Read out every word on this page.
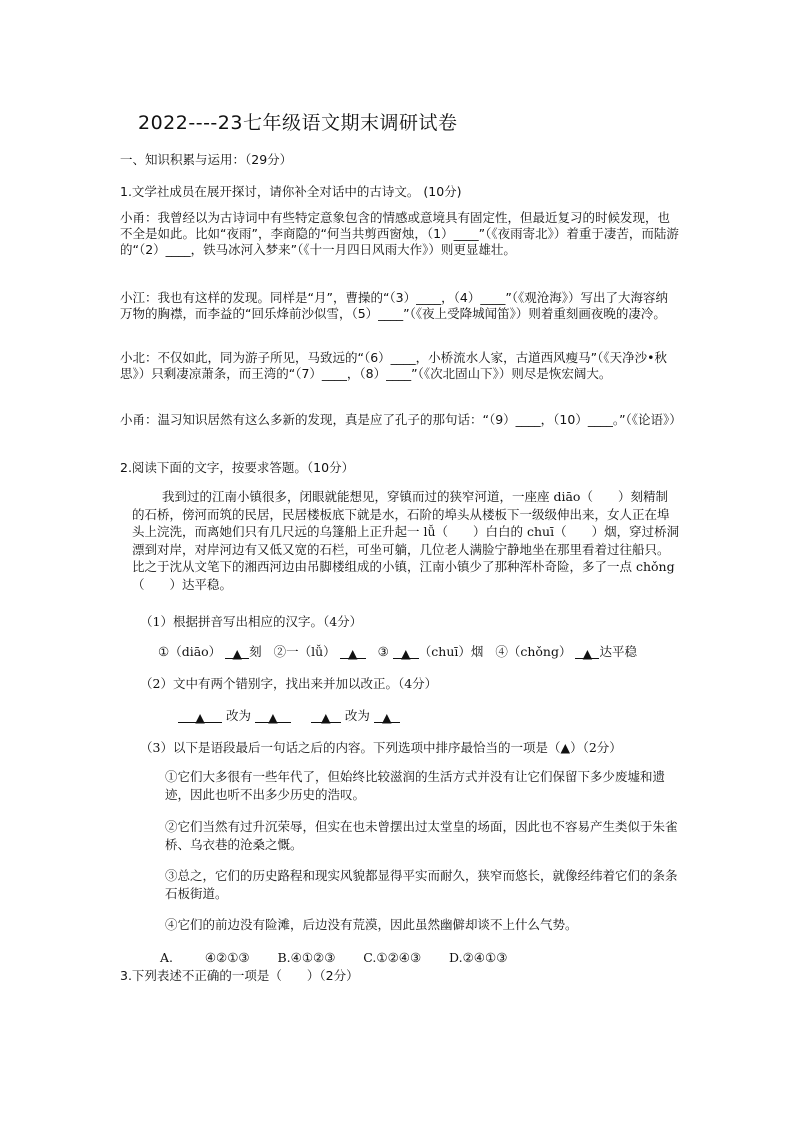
2022----23七年级语文期末调研试卷
一、知识积累与运用：（29分）
1.文学社成员在展开探讨，请你补全对话中的古诗文。 (10分)
小甬：我曾经以为古诗词中有些特定意象包含的情感或意境具有固定性，但最近复习的时候发现，也不全是如此。比如“夜雨”，李商隐的“何当共剪西窗烛，（1）____”（《夜雨寄北》）着重于凄苦，而陆游的“（2）____，铁马冰河入梦来”（《十一月四日风雨大作》）则更显雄壮。
小江：我也有这样的发现。同样是“月”，曹操的“（3）____，（4）____”（《观沧海》）写出了大海容纳万物的胸襟，而李益的“回乐烽前沙似雪，（5）____”（《夜上受降城闻笛》）则着重刻画夜晚的凄冷。
小北：不仅如此，同为游子所见，马致远的“（6）____，小桥流水人家，古道西风瘦马”（《天净沙•秋思》）只剩凄凉萧条，而王湾的“（7）____，（8）____”（《次北固山下》）则尽是恢宏阔大。
小甬：温习知识居然有这么多新的发现，真是应了孔子的那句话：“（9）____，（10）____。”（《论语》）
2.阅读下面的文字，按要求答题。（10分）
我到过的江南小镇很多，闭眼就能想见，穿镇而过的狭窄河道，一座座 diāo（　　）刻精制的石桥，傍河而筑的民居，民居楼板底下就是水，石阶的埠头从楼板下一级级伸出来，女人正在埠头上浣洗，而离她们只有几尺远的乌篷船上正升起一 lǚ（　　）白白的 chuī（　　）烟，穿过桥洞漂到对岸，对岸河边有又低又宽的石栏，可坐可躺，几位老人满脸宁静地坐在那里看着过往船只。比之于沈从文笔下的湘西河边由吊脚楼组成的小镇，江南小镇少了那种浑朴奇险，多了一点 chǒng（　　）达平稳。
（1）根据拼音写出相应的汉字。（4分）
①（diāo） ▲ 刻 ②一（lǚ） ▲ ③ ▲ （chuī）烟 ④（chǒng） ▲ 达平稳
（2）文中有两个错别字，找出来并加以改正。（4分）
▲ 改为 ▲	▲ 改为 ▲
（3）以下是语段最后一句话之后的内容。下列选项中排序最恰当的一项是（▲）（2分）
①它们大多很有一些年代了，但始终比较滋润的生活方式并没有让它们保留下多少废墟和遗迹，因此也听不出多少历史的浩叹。
②它们当然有过升沉荣辱，但实在也未曾摆出过太堂皇的场面，因此也不容易产生类似于朱雀桥、乌衣巷的沧桑之慨。
③总之，它们的历史路程和现实风貌都显得平实而耐久，狭窄而悠长，就像经纬着它们的条条石板街道。
④它们的前边没有险滩，后边没有荒漠，因此虽然幽僻却谈不上什么气势。
A.	④②①③ B.④①②③ C.①②④③ D.②④①③
3.下列表述不正确的一项是（　　）（2分）
